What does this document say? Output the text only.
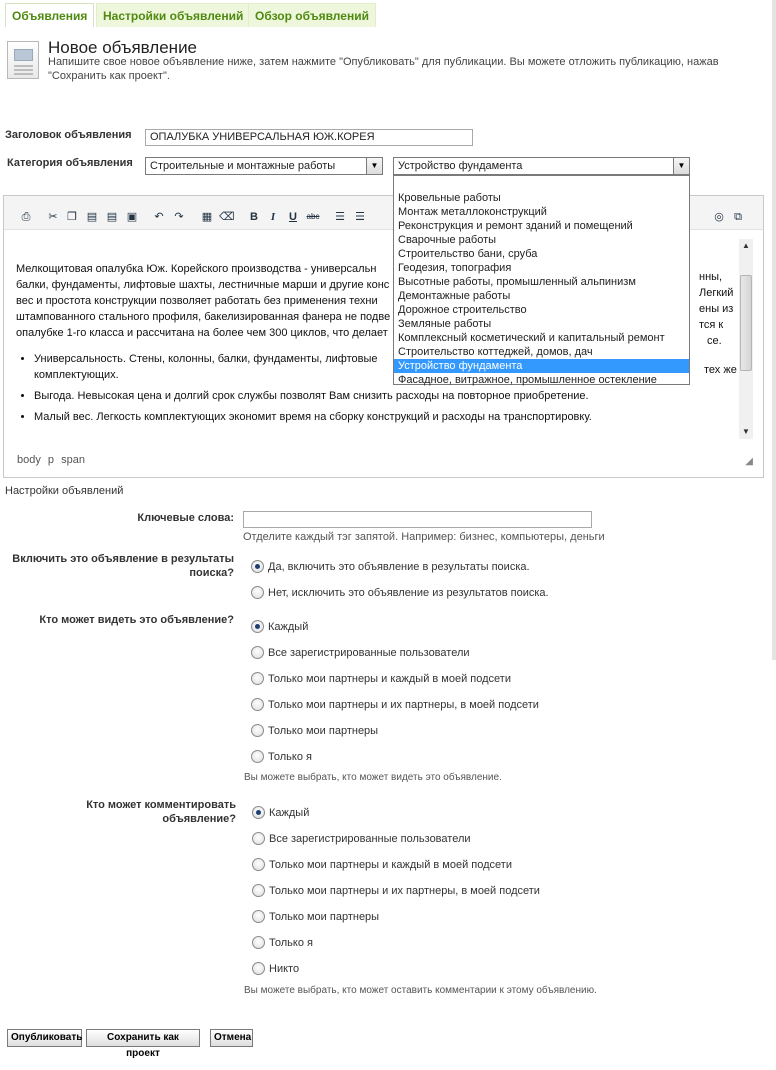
Объявления	Настройки объявлений Обзор объявлений
Новое объявление
Напишите свое новое объявление ниже, затем нажмите "Опубликовать" для публикации. Вы можете отложить публикацию, нажав "Сохранить как проект".
Заголовок объявления	ОПАЛУБКА УНИВЕРСАЛЬНАЯ ЮЖ.КОРЕЯ
Категория объявления	Строительные и монтажные работы	▼	Устройство фундамента	▼
⎙ ✂ ❐ ▤ ▤ ▣ ↶ ↷ ▦ ⌫ B	I	U	abc ☰ ☰	◎ ⧉
Мелкощитовая опалубка Юж. Корейского производства - универсальн
балки, фундаменты, лифтовые шахты, лестничные марши и другие конс
вес и простота конструкции позволяет работать без применения техни
штампованного стального профиля, бакелизированная фанера не подве
опалубке 1-го класса и рассчитана на более чем 300 циклов, что делает
• Универсальность. Стены, колонны, балки, фундаменты, лифтовые
комплектующих.
• Выгода. Невысокая цена и долгий срок службы позволят Вам снизить расходы на повторное приобретение.
• Малый вес. Легкость комплектующих экономит время на сборку конструкций и расходы на транспортировку.
нны,
Легкий
ены из
тся к
се.
тех же
▲
▼
body p span	◢
Кровельные работы
Монтаж металлоконструкций
Реконструкция и ремонт зданий и помещений
Сварочные работы
Строительство бани, сруба
Геодезия, топография
Высотные работы, промышленный альпинизм
Демонтажные работы
Дорожное строительство
Земляные работы
Комплексный косметический и капитальный ремонт
Строительство коттеджей, домов, дач
Устройство фундамента
Фасадное, витражное, промышленное остекление
Настройки объявлений
Ключевые слова:
Отделите каждый тэг запятой. Например: бизнес, компьютеры, деньги
Включить это объявление в результаты поиска?	Да, включить это объявление в результаты поиска.
Нет, исключить это объявление из результатов поиска.
Кто может видеть это объявление?
Каждый
Все зарегистрированные пользователи
Только мои партнеры и каждый в моей подсети
Только мои партнеры и их партнеры, в моей подсети
Только мои партнеры
Только я
Вы можете выбрать, кто может видеть это объявление.
Кто может комментировать объявление?	Каждый
Все зарегистрированные пользователи
Только мои партнеры и каждый в моей подсети
Только мои партнеры и их партнеры, в моей подсети
Только мои партнеры
Только я
Никто
Вы можете выбрать, кто может оставить комментарии к этому объявлению.
Опубликовать	Сохранить как проект
Отмена
